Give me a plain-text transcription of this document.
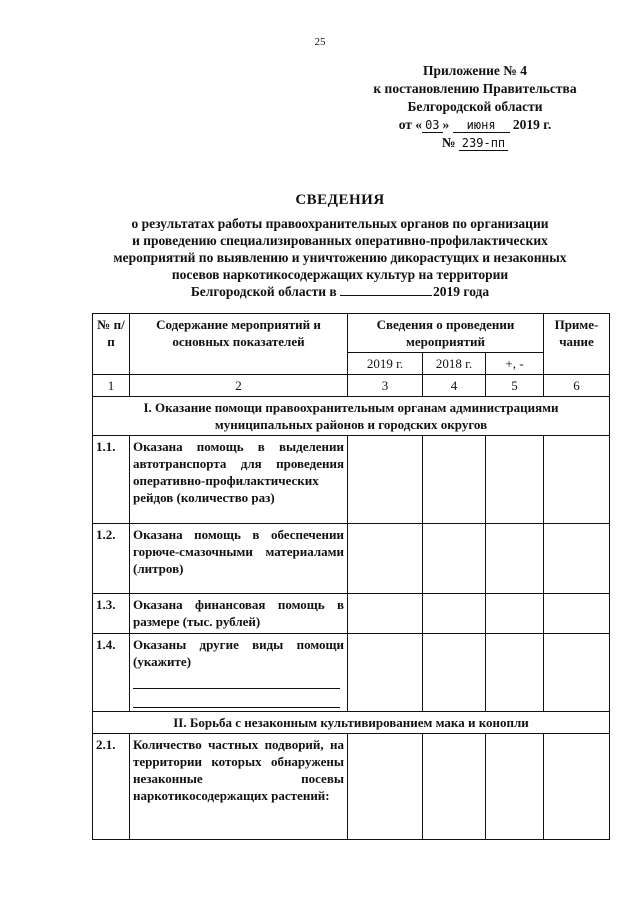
25
Приложение № 4
к постановлению Правительства
Белгородской области
от « 03 » июня 2019 г.
№ 239-пп
СВЕДЕНИЯ
о результатах работы правоохранительных органов по организации
и проведению специализированных оперативно-профилактических
мероприятий по выявлению и уничтожению дикорастущих и незаконных
посевов наркотикосодержащих культур на территории
Белгородской области в	2019 года
№ п/п	Содержание мероприятий и основных показателей	Сведения о проведении мероприятий			Приме-чание
		2019 г.	2018 г.	+, -	
1	2	3	4	5	6
I. Оказание помощи правоохранительным органам администрациями муниципальных районов и городских округов					
1.1.	Оказана помощь в выделении автотранспорта для проведения оперативно-профилактических рейдов (количество раз)				
1.2.	Оказана помощь в обеспечении горюче-смазочными материалами (литров)				
1.3.	Оказана финансовая помощь в размере (тыс. рублей)				
1.4.	Оказаны другие виды помощи (укажите)				

II. Борьба с незаконным культивированием мака и конопли					
2.1.	Количество частных подворий, на территории которых обнаружены незаконные посевы наркотикосодержащих растений:				
